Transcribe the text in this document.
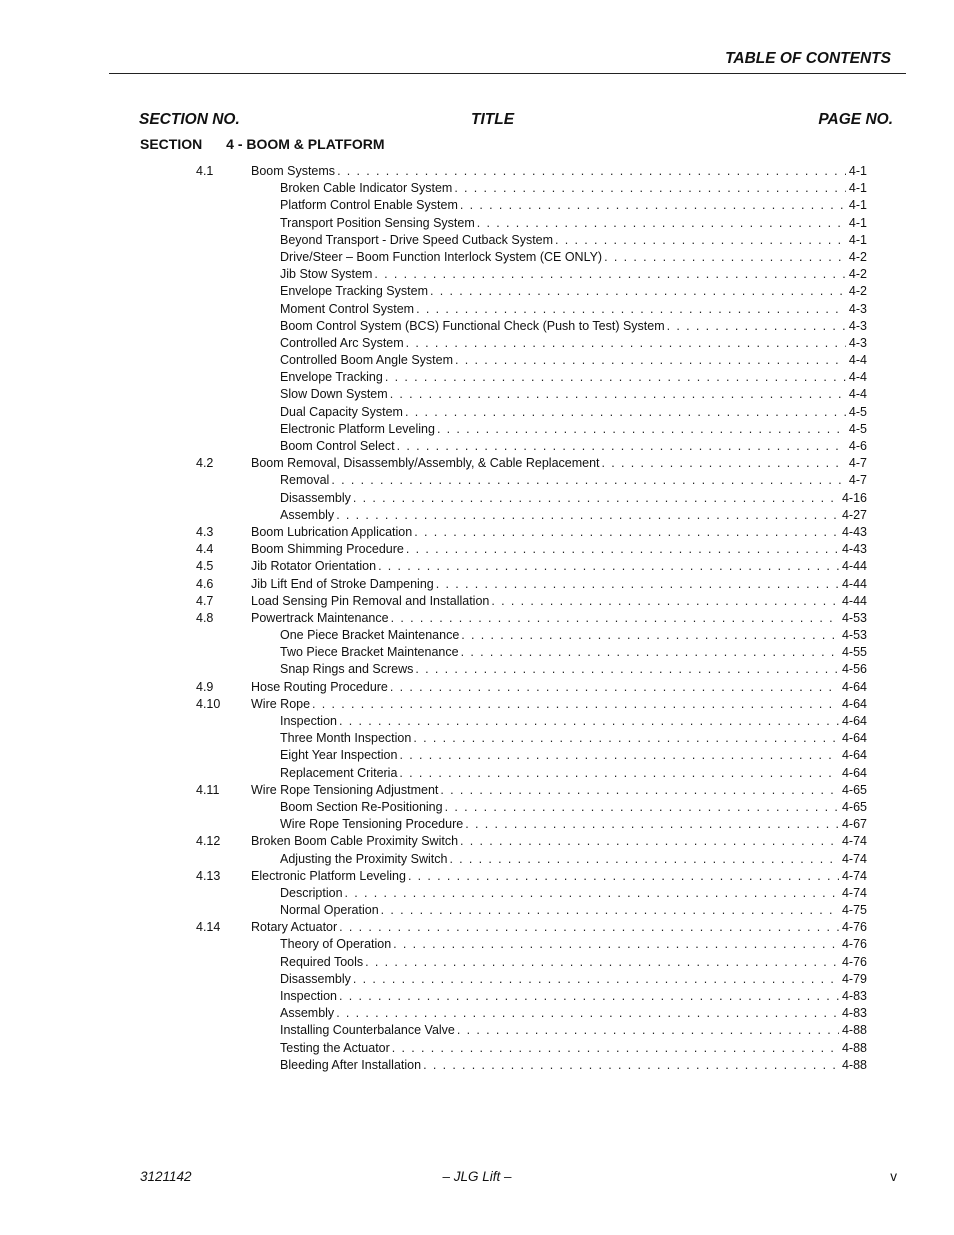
TABLE OF CONTENTS
SECTION NO.	TITLE	PAGE NO.
SECTION 4 - BOOM & PLATFORM
4.1	Boom Systems . . .	4-1
Broken Cable Indicator System . . .	4-1
Platform Control Enable System . . .	4-1
Transport Position Sensing System . . .	4-1
Beyond Transport - Drive Speed Cutback System . . .	4-1
Drive/Steer – Boom Function Interlock System (CE ONLY) . . .	4-2
Jib Stow System . . .	4-2
Envelope Tracking System . . .	4-2
Moment Control System . . .	4-3
Boom Control System (BCS) Functional Check (Push to Test) System . . .	4-3
Controlled Arc System . . .	4-3
Controlled Boom Angle System . . .	4-4
Envelope Tracking . . .	4-4
Slow Down System . . .	4-4
Dual Capacity System . . .	4-5
Electronic Platform Leveling . . .	4-5
Boom Control Select . . .	4-6
4.2	Boom Removal, Disassembly/Assembly, & Cable Replacement . . .	4-7
Removal . . .	4-7
Disassembly . . .	4-16
Assembly . . .	4-27
4.3	Boom Lubrication Application . . .	4-43
4.4	Boom Shimming Procedure . . .	4-43
4.5	Jib Rotator Orientation . . .	4-44
4.6	Jib Lift End of Stroke Dampening . . .	4-44
4.7	Load Sensing Pin Removal and Installation . . .	4-44
4.8	Powertrack Maintenance . . .	4-53
One Piece Bracket Maintenance . . .	4-53
Two Piece Bracket Maintenance . . .	4-55
Snap Rings and Screws . . .	4-56
4.9	Hose Routing Procedure . . .	4-64
4.10 Wire Rope . . .	4-64
Inspection . . .	4-64
Three Month Inspection . . .	4-64
Eight Year Inspection . . .	4-64
Replacement Criteria . . .	4-64
4.11	Wire Rope Tensioning Adjustment . . .	4-65
Boom Section Re-Positioning . . .	4-65
Wire Rope Tensioning Procedure . . .	4-67
4.12 Broken Boom Cable Proximity Switch . . .	4-74
Adjusting the Proximity Switch . . .	4-74
4.13 Electronic Platform Leveling . . .	4-74
Description . . .	4-74
Normal Operation . . .	4-75
4.14 Rotary Actuator . . .	4-76
Theory of Operation . . .	4-76
Required Tools . . .	4-76
Disassembly . . .	4-79
Inspection . . .	4-83
Assembly . . .	4-83
Installing Counterbalance Valve . . .	4-88
Testing the Actuator . . .	4-88
Bleeding After Installation . . .	4-88
3121142	– JLG Lift –	v
